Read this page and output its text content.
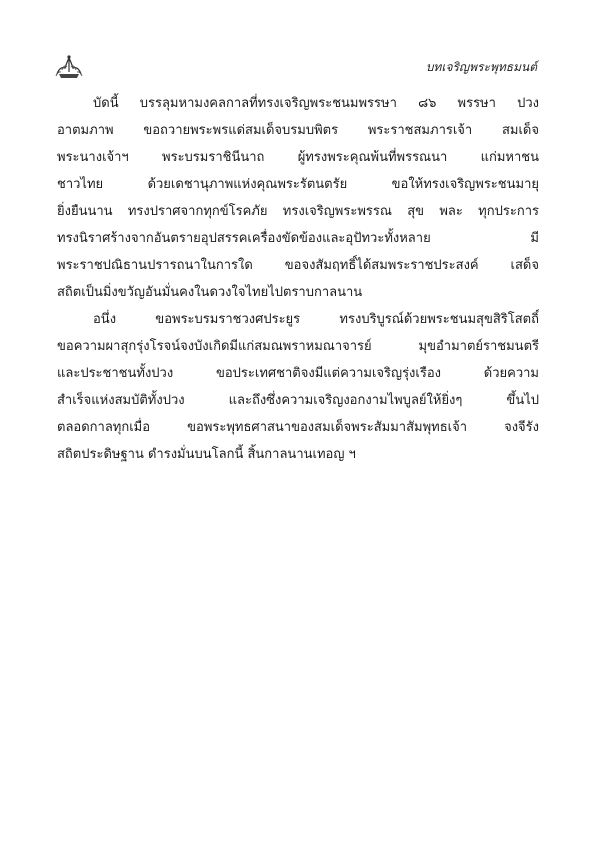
บทเจริญพระพุทธมนต์

บัดนี้ บรรลุมหามงคลกาลที่ทรงเจริญพระชนมพรรษา ๘๖ พรรษา ปวง
อาตมภาพ ขอถวายพระพรแด่สมเด็จบรมบพิตร พระราชสมภารเจ้า สมเด็จ
พระนางเจ้าฯ พระบรมราชินีนาถ ผู้ทรงพระคุณพ้นที่พรรณนา แก่มหาชน
ชาวไทย ด้วยเดชานุภาพแห่งคุณพระรัตนตรัย ขอให้ทรงเจริญพระชนมายุ
ยิ่งยืนนาน ทรงปราศจากทุกข์โรคภัย ทรงเจริญพระพรรณ สุข พละ ทุกประการ
ทรงนิราศร้างจากอันตรายอุปสรรคเครื่องขัดข้องและอุปัทวะทั้งหลาย มี
พระราชปณิธานปรารถนาในการใด ขอจงสัมฤทธิ์ได้สมพระราชประสงค์ เสด็จ
สถิตเป็นมิ่งขวัญอันมั่นคงในดวงใจไทยไปตราบกาลนาน

อนึ่ง ขอพระบรมราชวงศประยูร ทรงบริบูรณ์ด้วยพระชนมสุขสิริโสตถิ์
ขอความผาสุกรุ่งโรจน์จงบังเกิดมีแก่สมณพราหมณาจารย์ มุขอำมาตย์ราชมนตรี
และประชาชนทั้งปวง ขอประเทศชาติจงมีแต่ความเจริญรุ่งเรือง ด้วยความ
สำเร็จแห่งสมบัติทั้งปวง และถึงซึ่งความเจริญงอกงามไพบูลย์ให้ยิ่งๆ ขึ้นไป
ตลอดกาลทุกเมื่อ ขอพระพุทธศาสนาของสมเด็จพระสัมมาสัมพุทธเจ้า จงจีรัง
สถิตประดิษฐาน ดำรงมั่นบนโลกนี้ สิ้นกาลนานเทอญ ฯ
